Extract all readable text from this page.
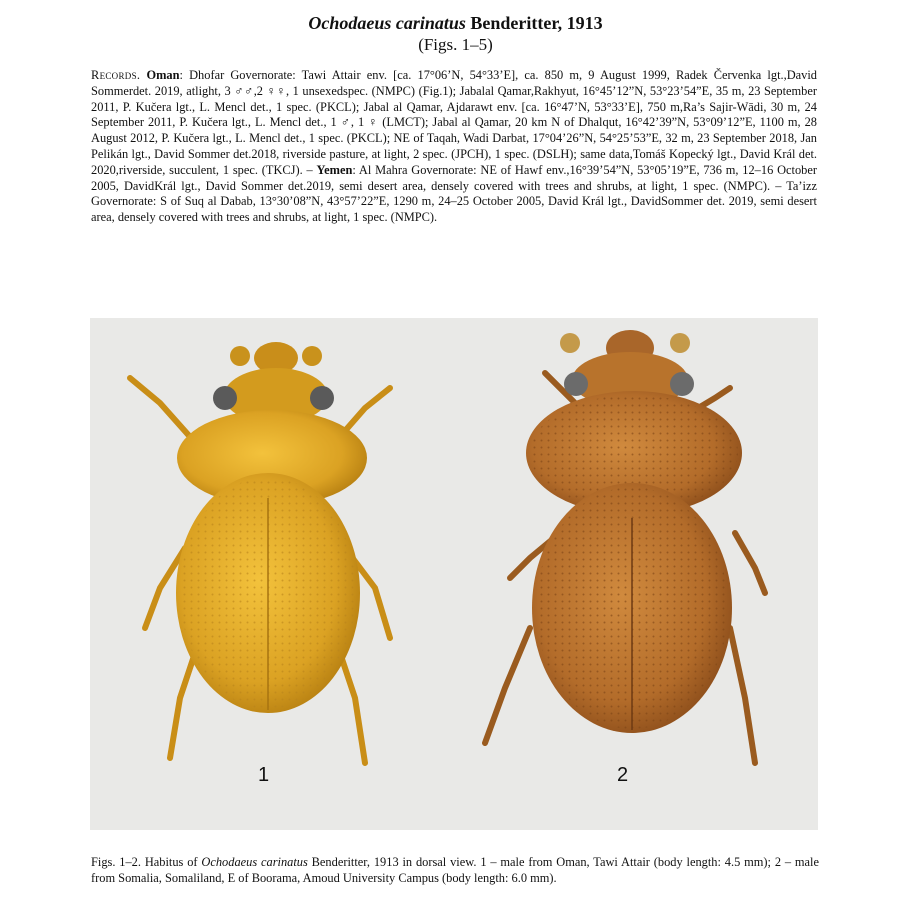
Ochodaeus carinatus Benderitter, 1913
(Figs. 1–5)
Records. Oman: Dhofar Governorate: Tawi Attair env. [ca. 17°06’N, 54°33’E], ca. 850 m, 9 August 1999, Radek Červenka lgt.,David Sommerdet. 2019, atlight, 3 ♂♂,2 ♀♀, 1 unsexedspec. (NMPC) (Fig.1); Jabalal Qamar,Rakhyut, 16°45’12”N, 53°23’54”E, 35 m, 23 September 2011, P. Kučera lgt., L. Mencl det., 1 spec. (PKCL); Jabal al Qamar, Ajdarawt env. [ca. 16°47’N, 53°33’E], 750 m,Ra’s Sajir-Wādi, 30 m, 24 September 2011, P. Kučera lgt., L. Mencl det., 1 ♂, 1 ♀ (LMCT); Jabal al Qamar, 20 km N of Dhalqut, 16°42’39”N, 53°09’12”E, 1100 m, 28 August 2012, P. Kučera lgt., L. Mencl det., 1 spec. (PKCL); NE of Taqah, Wadi Darbat, 17°04’26”N, 54°25’53”E, 32 m, 23 September 2018, Jan Pelikán lgt., David Sommer det.2018, riverside pasture, at light, 2 spec. (JPCH), 1 spec. (DSLH); same data,Tomáš Kopecký lgt., David Král det. 2020,riverside, succulent, 1 spec. (TKCJ). – Yemen: Al Mahra Governorate: NE of Hawf env.,16°39’54”N, 53°05’19”E, 736 m, 12–16 October 2005, DavidKrál lgt., David Sommer det.2019, semi desert area, densely covered with trees and shrubs, at light, 1 spec. (NMPC). – Ta’izz Governorate: S of Suq al Dabab, 13°30’08”N, 43°57’22”E, 1290 m, 24–25 October 2005, David Král lgt., DavidSommer det. 2019, semi desert area, densely covered with trees and shrubs, at light, 1 spec. (NMPC).
1	2
Figs. 1–2. Habitus of Ochodaeus carinatus Benderitter, 1913 in dorsal view. 1 – male from Oman, Tawi Attair (body length: 4.5 mm); 2 – male from Somalia, Somaliland, E of Boorama, Amoud University Campus (body length: 6.0 mm).
